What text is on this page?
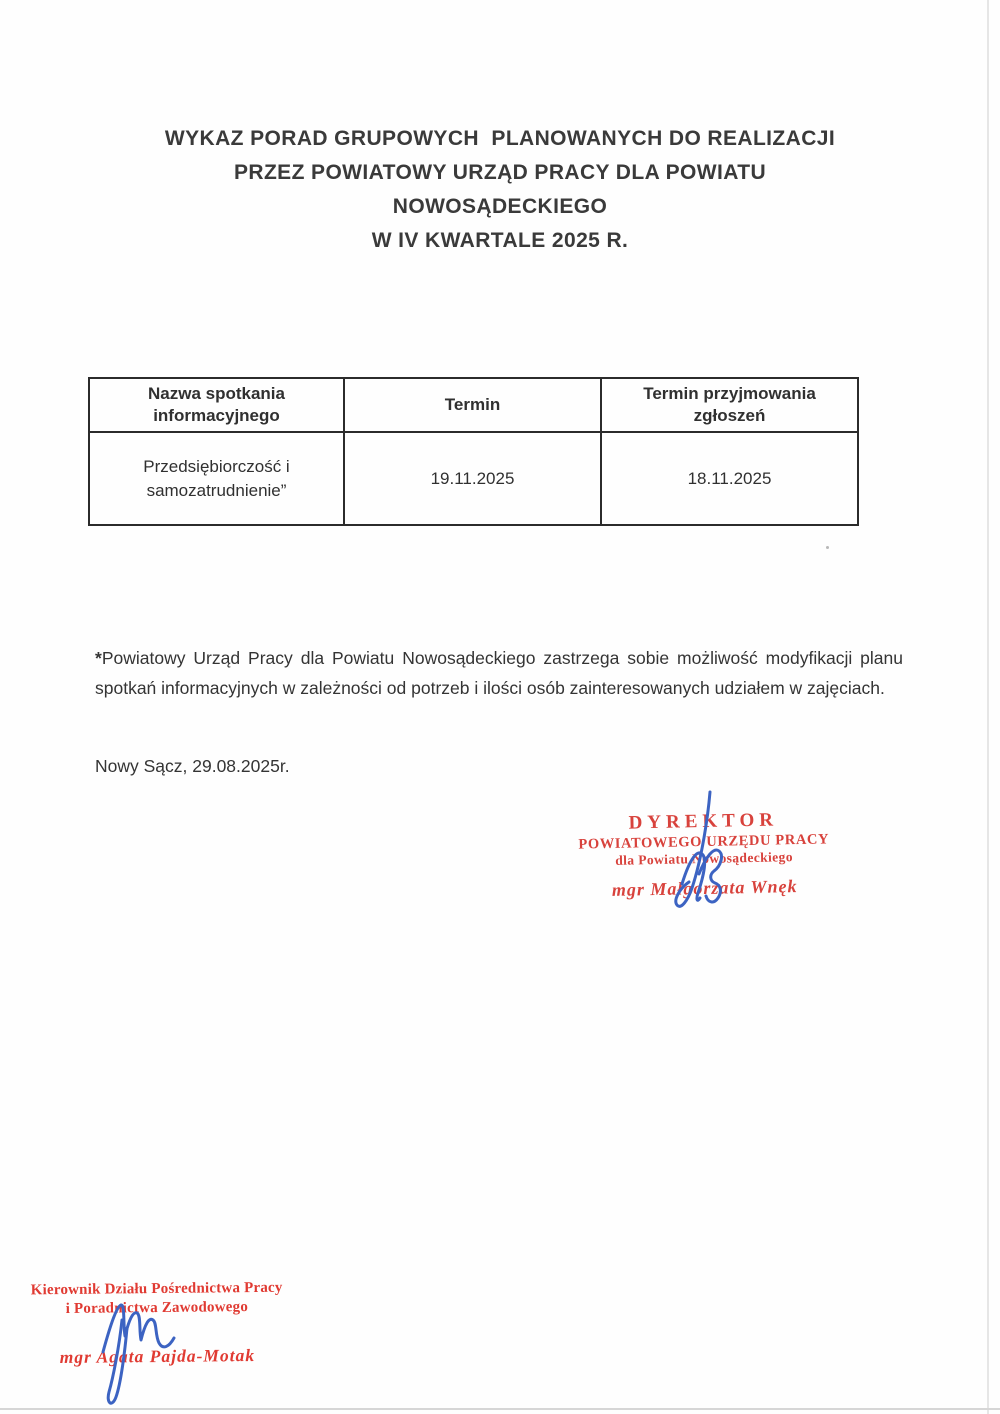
WYKAZ PORAD GRUPOWYCH  PLANOWANYCH DO REALIZACJI
PRZEZ POWIATOWY URZĄD PRACY DLA POWIATU
NOWOSĄDECKIEGO
W IV KWARTALE 2025 R.
Nazwa spotkania informacyjnego	Termin	Termin przyjmowania zgłoszeń
Przedsiębiorczość i samozatrudnienie”	19.11.2025	18.11.2025

*Powiatowy Urząd Pracy dla Powiatu Nowosądeckiego zastrzega sobie możliwość modyfikacji planu spotkań informacyjnych w zależności od potrzeb i ilości osób zainteresowanych udziałem w zajęciach.

Nowy Sącz, 29.08.2025r.

DYREKTOR
POWIATOWEGO URZĘDU PRACY
dla Powiatu Nowosądeckiego
mgr Małgorzata Wnęk
Kierownik Działu Pośrednictwa Pracy
i Poradnictwa Zawodowego
mgr Agata Pajda-Motak
